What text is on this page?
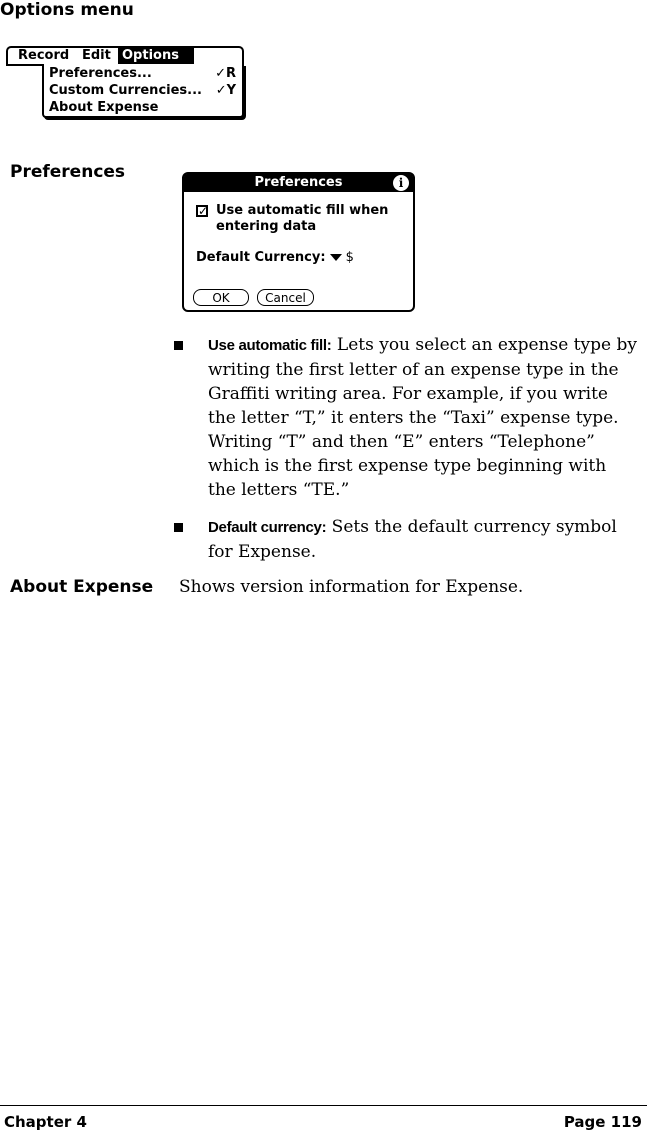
Options menu
Record Edit Options
Preferences...	✓R
Custom Currencies... ✓Y
About Expense
Preferences
Preferences	i
✓ Use automatic fill when entering data
Default Currency: $
OK	Cancel
Use automatic fill: Lets you select an expense type by writing the first letter of an expense type in the Graffiti writing area. For example, if you write the letter “T,” it enters the “Taxi” expense type. Writing “T” and then “E” enters “Telephone” which is the first expense type beginning with the letters “TE.”
Default currency: Sets the default currency symbol for Expense.
About Expense Shows version information for Expense.
Chapter 4	Page 119
